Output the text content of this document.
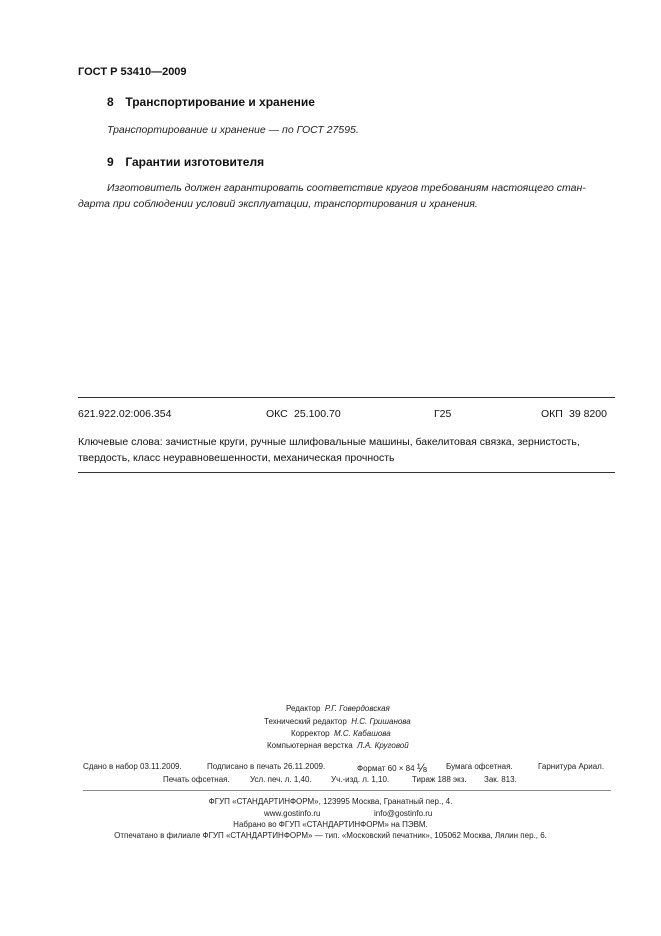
ГОСТ Р 53410—2009
8 Транспортирование и хранение
Транспортирование и хранение — по ГОСТ 27595.
9 Гарантии изготовителя
Изготовитель должен гарантировать соответствие кругов требованиям настоящего стан-
дарта при соблюдении условий эксплуатации, транспортирования и хранения.
621.922.02:006.354	ОКС 25.100.70	Г25	ОКП 39 8200
Ключевые слова: зачистные круги, ручные шлифовальные машины, бакелитовая связка, зернистость,
твердость, класс неуравновешенности, механическая прочность
Редактор Р.Г. Говердовская
Технический редактор Н.С. Гришанова
Корректор М.С. Кабашова
Компьютерная верстка Л.А. Круговой
Сдано в набор 03.11.2009.	Подписано в печать 26.11.2009.	Формат 60 × 84 ⅛ Бумага офсетная.	Гарнитура Ариал.
Печать офсетная.	Усл. печ. л. 1,40. Уч.-изд. л. 1,10.	Тираж 188 экз. Зак. 813.
ФГУП «СТАНДАРТИНФОРМ», 123995 Москва, Гранатный пер., 4.
www.gostinfo.ru	info@gostinfo.ru
Набрано во ФГУП «СТАНДАРТИНФОРМ» на ПЭВМ.
Отпечатано в филиале ФГУП «СТАНДАРТИНФОРМ» — тип. «Московский печатник», 105062 Москва, Лялин пер., 6.
